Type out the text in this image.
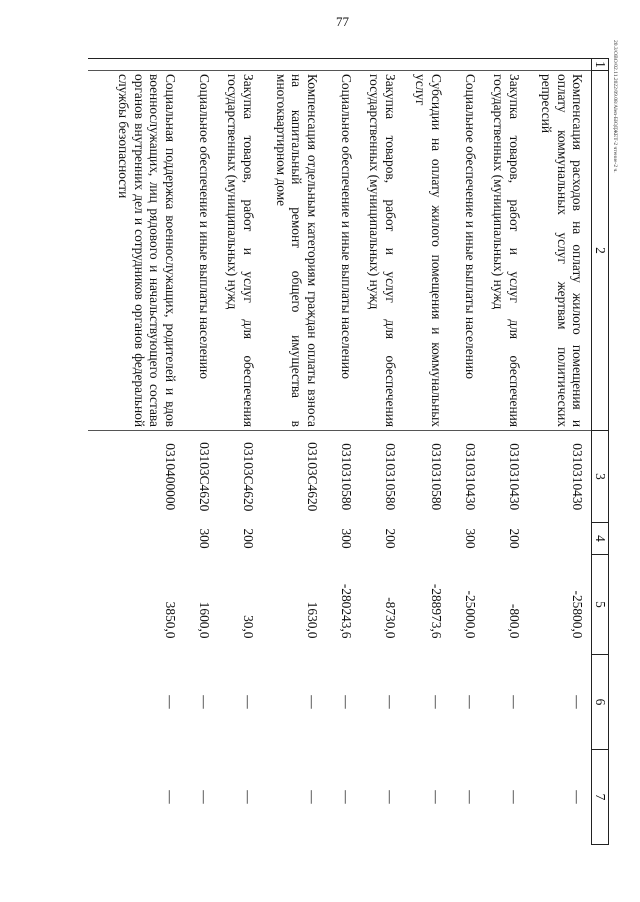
77
20.3/OBO/02.11.2022/09.08/Аlen-БЮДЖЕТ-2 чтение-2 ч.
1	2	3	4	5	6	7
	Компенсация расходов на оплату жилого помещения и оплату коммунальных услуг жертвам политических репрессий	0310310430		-25800,0	—	—
	Закупка товаров, работ и услуг для обеспечения государственных (муниципальных) нужд	0310310430	200	-800,0	—	—
	Социальное обеспечение и иные выплаты населению	0310310430	300	-25000,0	—	—
	Субсидии на оплату жилого помещения и коммунальных услуг	0310310580		-288973,6	—	—
	Закупка товаров, работ и услуг для обеспечения государственных (муниципальных) нужд	0310310580	200	-8730,0	—	—
	Социальное обеспечение и иные выплаты населению	0310310580	300	-280243,6	—	—
	Компенсация отдельным категориям граждан оплаты взноса на капитальный ремонт общего имущества в многоквартирном доме	03103С4620		1630,0	—	—
	Закупка товаров, работ и услуг для обеспечения государственных (муниципальных) нужд	03103С4620	200	30,0	—	—
	Социальное обеспечение и иные выплаты населению	03103С4620	300	1600,0	—	—
	Социальная поддержка военнослужащих, родителей и вдов военнослужащих, лиц рядового и начальствующего состава органов внутренних дел и сотрудников органов федеральной службы безопасности	0310400000		3850,0	—	—
